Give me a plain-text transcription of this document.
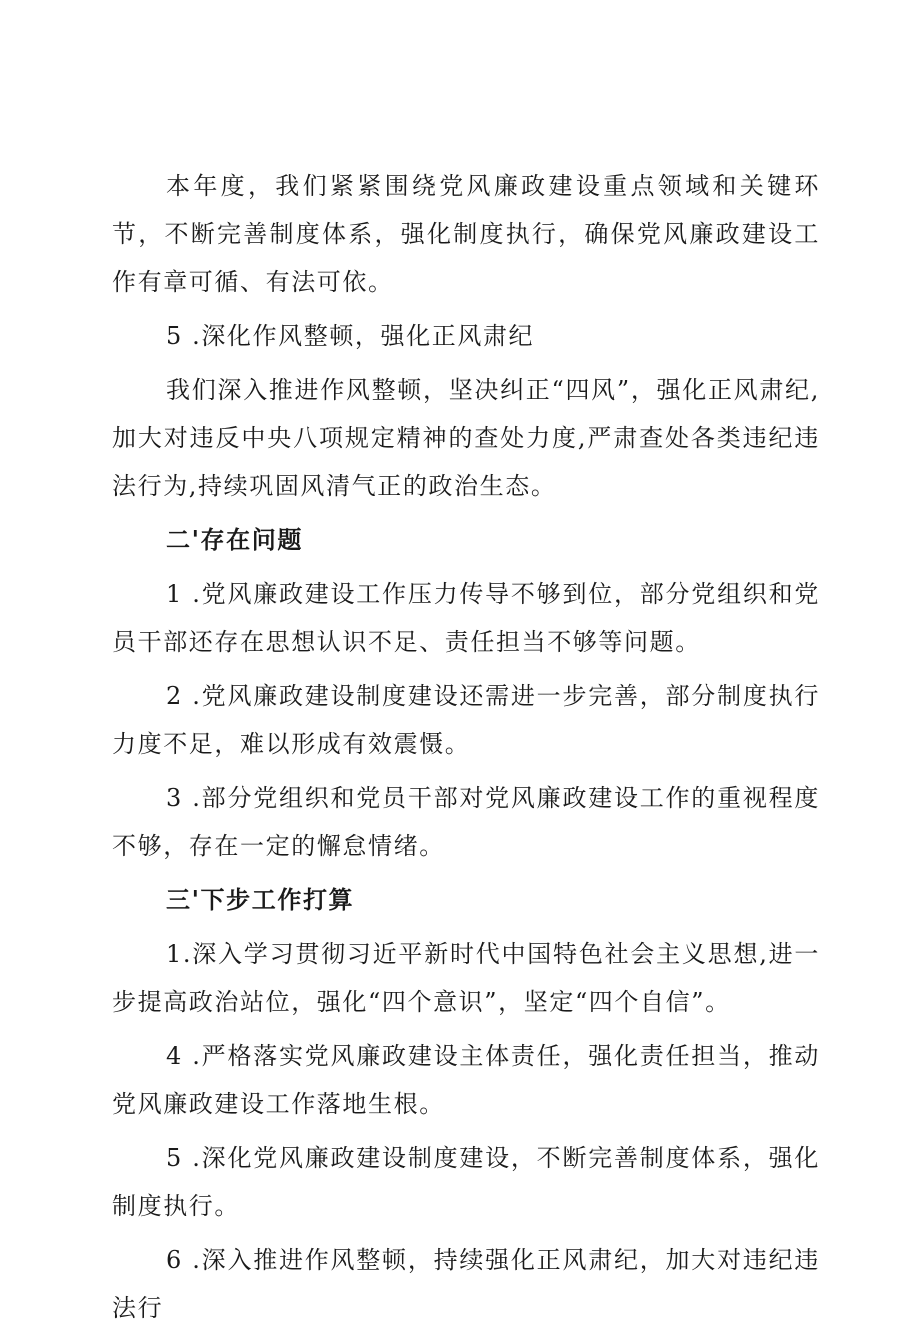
本年度，我们紧紧围绕党风廉政建设重点领域和关键环节，不断完善制度体系，强化制度执行，确保党风廉政建设工作有章可循、有法可依。

5 .深化作风整顿，强化正风肃纪

我们深入推进作风整顿，坚决纠正“四风”，强化正风肃纪,加大对违反中央八项规定精神的查处力度,严肃查处各类违纪违法行为,持续巩固风清气正的政治生态。

二'存在问题

1 .党风廉政建设工作压力传导不够到位，部分党组织和党员干部还存在思想认识不足、责任担当不够等问题。

2 .党风廉政建设制度建设还需进一步完善，部分制度执行力度不足，难以形成有效震慑。

3 .部分党组织和党员干部对党风廉政建设工作的重视程度不够，存在一定的懈怠情绪。

三'下步工作打算

1.深入学习贯彻习近平新时代中国特色社会主义思想,进一步提高政治站位，强化“四个意识”，坚定“四个自信”。

4 .严格落实党风廉政建设主体责任，强化责任担当，推动党风廉政建设工作落地生根。

5 .深化党风廉政建设制度建设，不断完善制度体系，强化制度执行。

6 .深入推进作风整顿，持续强化正风肃纪，加大对违纪违法行
